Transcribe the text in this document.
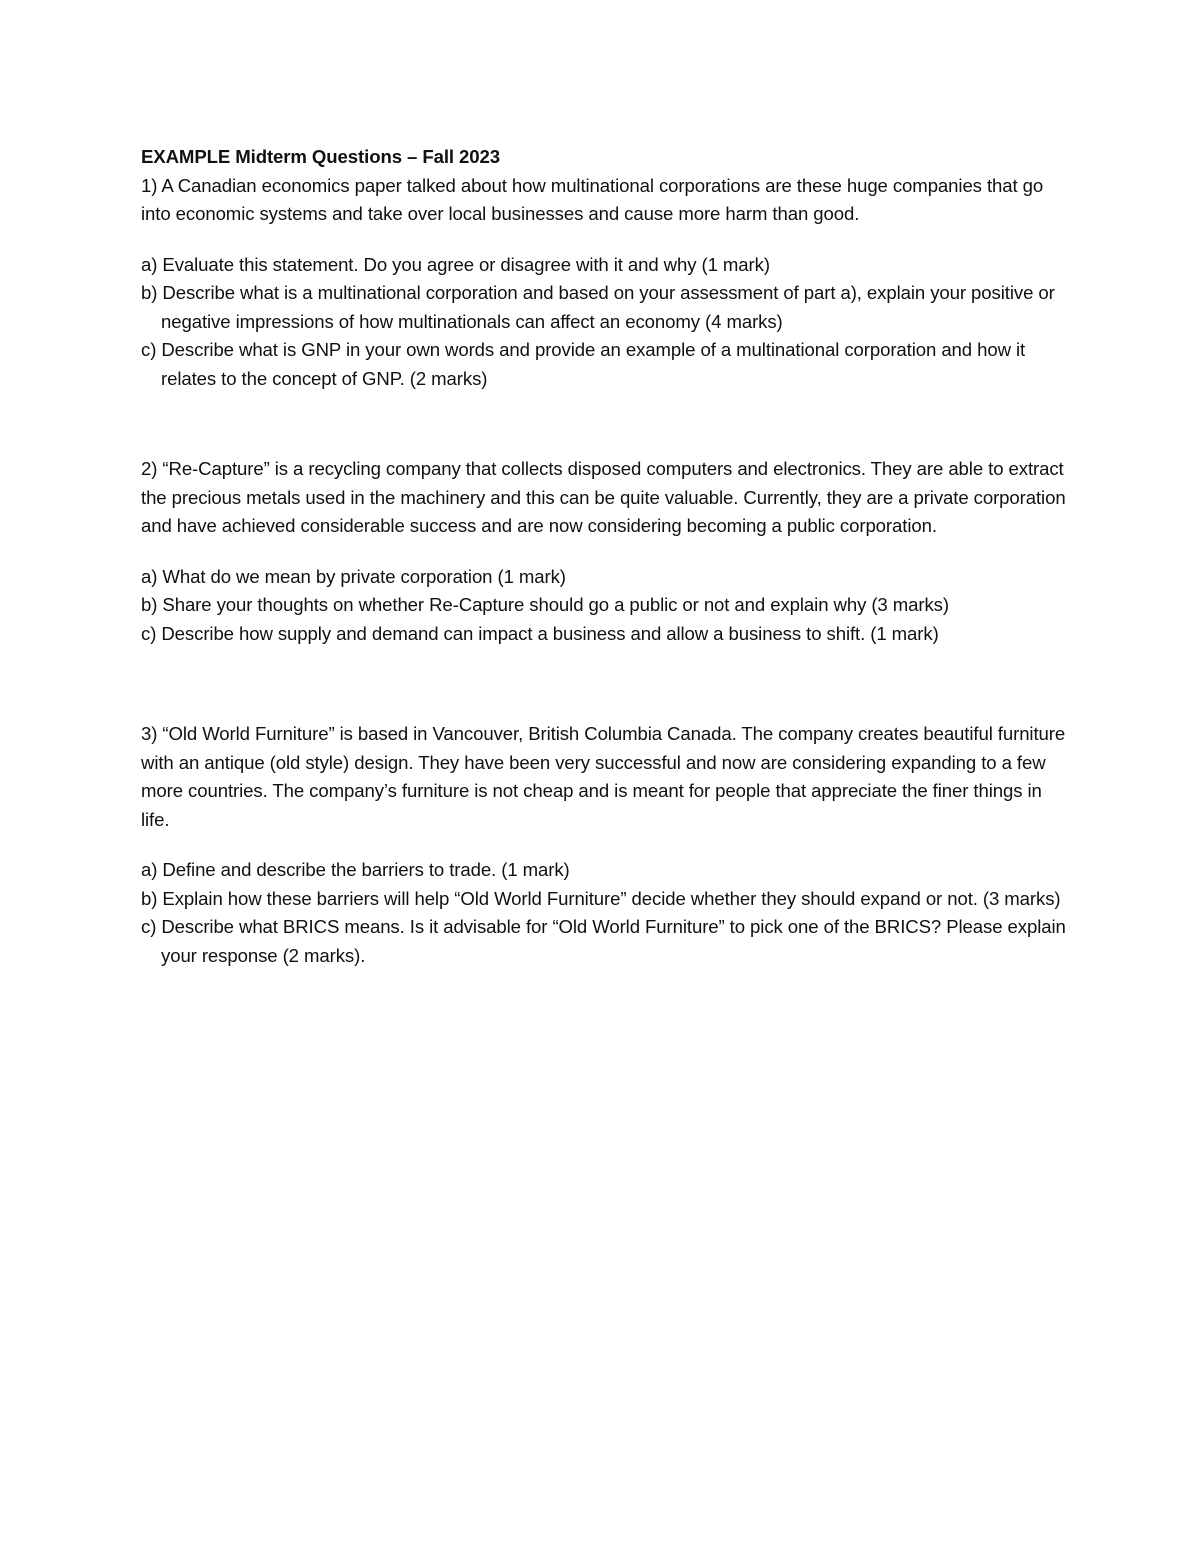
EXAMPLE Midterm Questions – Fall 2023

1) A Canadian economics paper talked about how multinational corporations are these huge companies that go into economic systems and take over local businesses and cause more harm than good.

a) Evaluate this statement. Do you agree or disagree with it and why (1 mark)

b) Describe what is a multinational corporation and based on your assessment of part a), explain your positive or negative impressions of how multinationals can affect an economy (4 marks)

c) Describe what is GNP in your own words and provide an example of a multinational corporation and how it relates to the concept of GNP. (2 marks)

2) “Re-Capture” is a recycling company that collects disposed computers and electronics. They are able to extract the precious metals used in the machinery and this can be quite valuable. Currently, they are a private corporation and have achieved considerable success and are now considering becoming a public corporation.

a) What do we mean by private corporation (1 mark)

b) Share your thoughts on whether Re-Capture should go a public or not and explain why (3 marks)

c) Describe how supply and demand can impact a business and allow a business to shift. (1 mark)

3) “Old World Furniture” is based in Vancouver, British Columbia Canada. The company creates beautiful furniture with an antique (old style) design. They have been very successful and now are considering expanding to a few more countries. The company’s furniture is not cheap and is meant for people that appreciate the finer things in life.

a) Define and describe the barriers to trade. (1 mark)

b) Explain how these barriers will help “Old World Furniture” decide whether they should expand or not. (3 marks)

c) Describe what BRICS means. Is it advisable for “Old World Furniture” to pick one of the BRICS? Please explain your response (2 marks).
